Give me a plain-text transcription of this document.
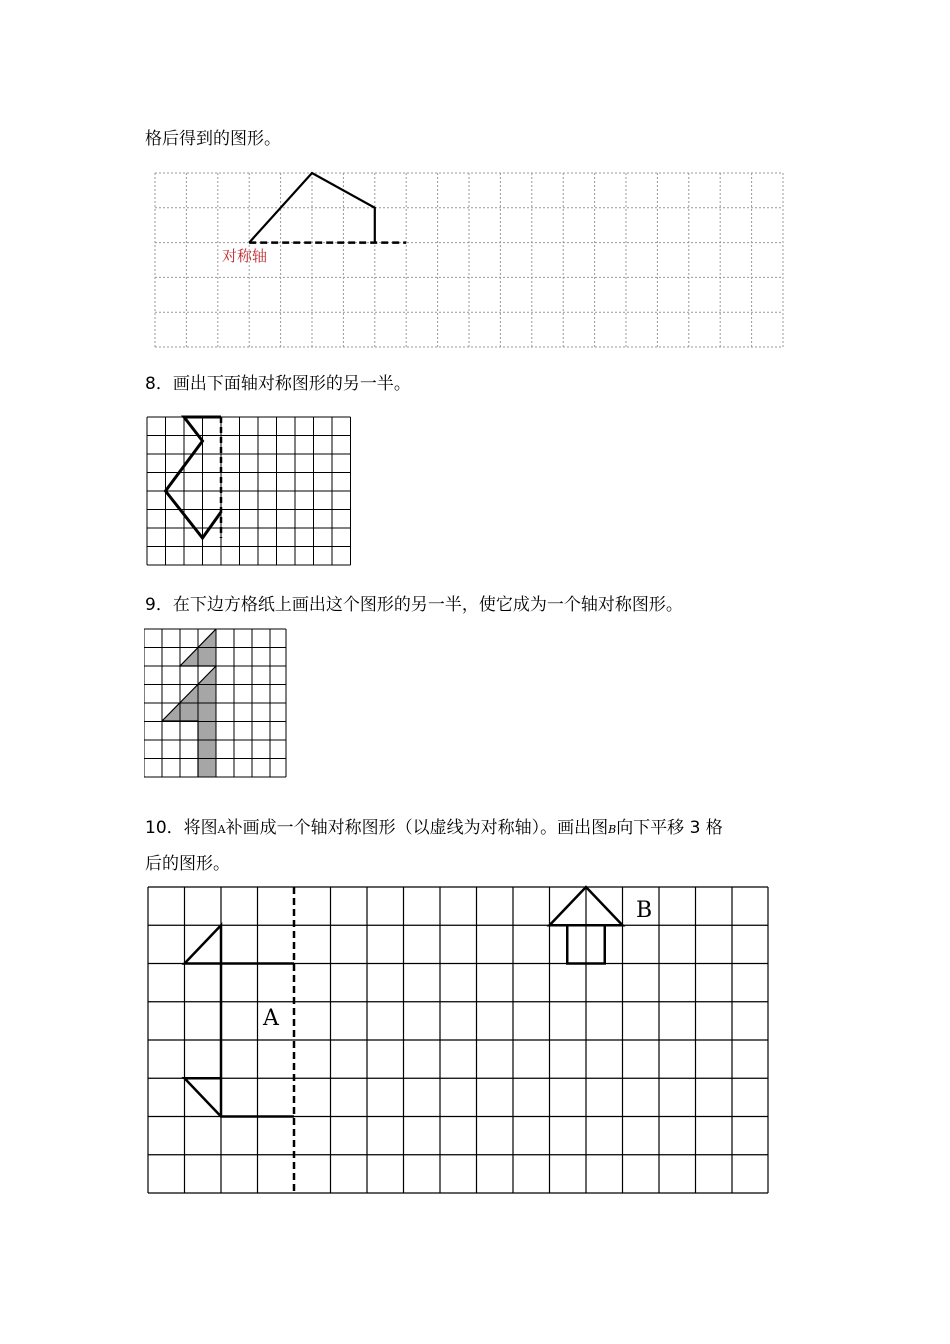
格后得到的图形。
对称轴
8．画出下面轴对称图形的另一半。
9．在下边方格纸上画出这个图形的另一半，使它成为一个轴对称图形。
10．将图A补画成一个轴对称图形（以虚线为对称轴）。画出图B向下平移 3 格
后的图形。
A
B
